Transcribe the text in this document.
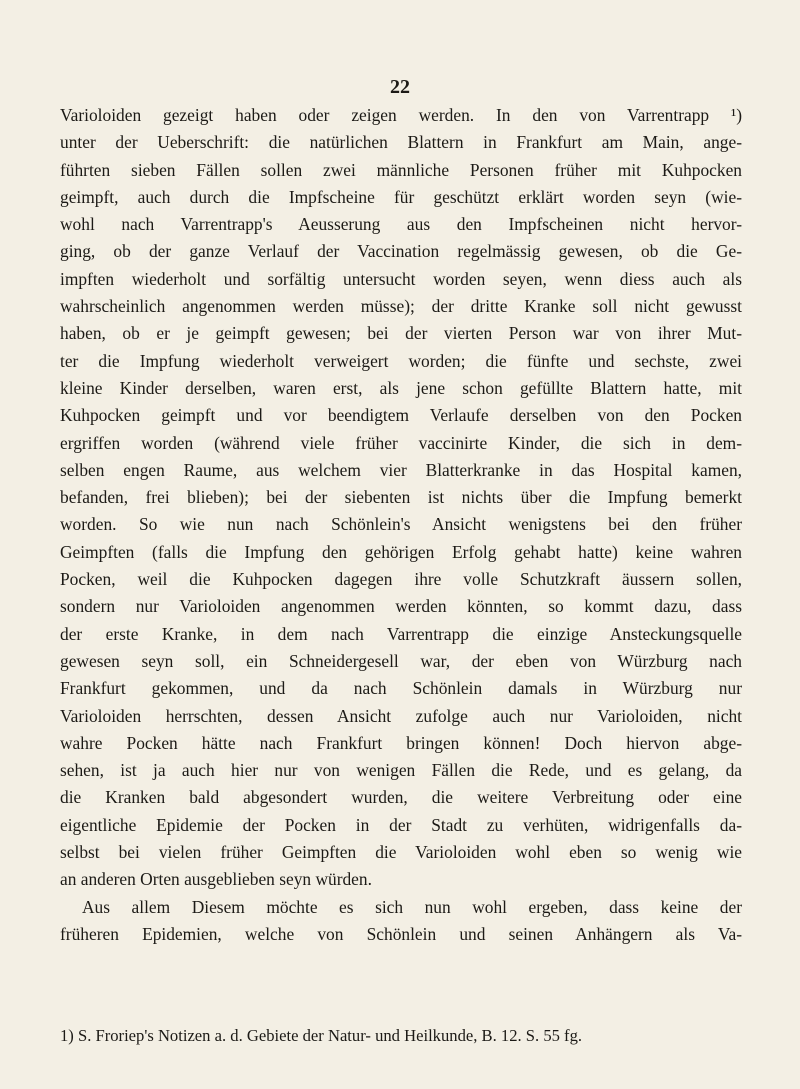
22
Varioloiden gezeigt haben oder zeigen werden. In den von Varrentrapp ¹)
unter der Ueberschrift: die natürlichen Blattern in Frankfurt am Main, ange-
führten sieben Fällen sollen zwei männliche Personen früher mit Kuhpocken
geimpft, auch durch die Impfscheine für geschützt erklärt worden seyn (wie-
wohl nach Varrentrapp's Aeusserung aus den Impfscheinen nicht hervor-
ging, ob der ganze Verlauf der Vaccination regelmässig gewesen, ob die Ge-
impften wiederholt und sorfältig untersucht worden seyen, wenn diess auch als
wahrscheinlich angenommen werden müsse); der dritte Kranke soll nicht gewusst
haben, ob er je geimpft gewesen; bei der vierten Person war von ihrer Mut-
ter die Impfung wiederholt verweigert worden; die fünfte und sechste, zwei
kleine Kinder derselben, waren erst, als jene schon gefüllte Blattern hatte, mit
Kuhpocken geimpft und vor beendigtem Verlaufe derselben von den Pocken
ergriffen worden (während viele früher vaccinirte Kinder, die sich in dem-
selben engen Raume, aus welchem vier Blatterkranke in das Hospital kamen,
befanden, frei blieben); bei der siebenten ist nichts über die Impfung bemerkt
worden. So wie nun nach Schönlein's Ansicht wenigstens bei den früher
Geimpften (falls die Impfung den gehörigen Erfolg gehabt hatte) keine wahren
Pocken, weil die Kuhpocken dagegen ihre volle Schutzkraft äussern sollen,
sondern nur Varioloiden angenommen werden könnten, so kommt dazu, dass
der erste Kranke, in dem nach Varrentrapp die einzige Ansteckungsquelle
gewesen seyn soll, ein Schneidergesell war, der eben von Würzburg nach
Frankfurt gekommen, und da nach Schönlein damals in Würzburg nur
Varioloiden herrschten, dessen Ansicht zufolge auch nur Varioloiden, nicht
wahre Pocken hätte nach Frankfurt bringen können! Doch hiervon abge-
sehen, ist ja auch hier nur von wenigen Fällen die Rede, und es gelang, da
die Kranken bald abgesondert wurden, die weitere Verbreitung oder eine
eigentliche Epidemie der Pocken in der Stadt zu verhüten, widrigenfalls da-
selbst bei vielen früher Geimpften die Varioloiden wohl eben so wenig wie
an anderen Orten ausgeblieben seyn würden.
Aus allem Diesem möchte es sich nun wohl ergeben, dass keine der
früheren Epidemien, welche von Schönlein und seinen Anhängern als Va-
1) S. Froriep's Notizen a. d. Gebiete der Natur- und Heilkunde, B. 12. S. 55 fg.
